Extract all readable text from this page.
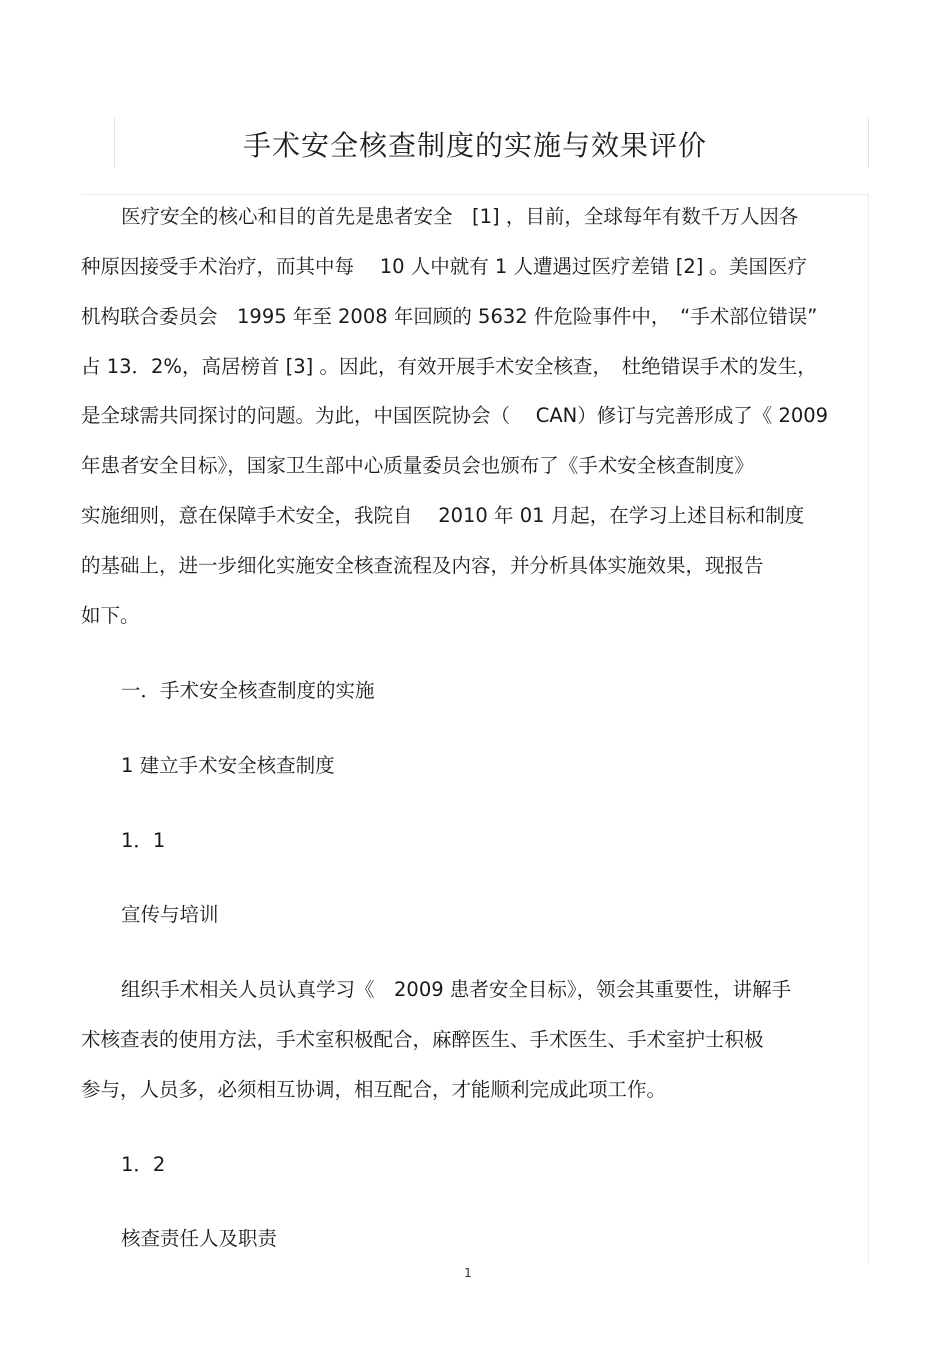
手术安全核查制度的实施与效果评价
医疗安全的核心和目的首先是患者安全　[1] ，目前，全球每年有数千万人因各
种原因接受手术治疗，而其中每　 10 人中就有 1 人遭遇过医疗差错 [2] 。美国医疗
机构联合委员会　1995 年至 2008 年回顾的 5632 件危险事件中，　“手术部位错误”
占 13．2%，高居榜首 [3] 。因此，有效开展手术安全核查，　杜绝错误手术的发生，
是全球需共同探讨的问题。为此，中国医院协会（　 CAN）修订与完善形成了《 2009
年患者安全目标》，国家卫生部中心质量委员会也颁布了《手术安全核查制度》
实施细则，意在保障手术安全，我院自　 2010 年 01 月起，在学习上述目标和制度
的基础上，进一步细化实施安全核查流程及内容，并分析具体实施效果，现报告
如下。
一．手术安全核查制度的实施
1 建立手术安全核查制度
1．1
宣传与培训
组织手术相关人员认真学习《　2009 患者安全目标》，领会其重要性，讲解手
术核查表的使用方法，手术室积极配合，麻醉医生、手术医生、手术室护士积极
参与，人员多，必须相互协调，相互配合，才能顺利完成此项工作。
1．2
核查责任人及职责
1
